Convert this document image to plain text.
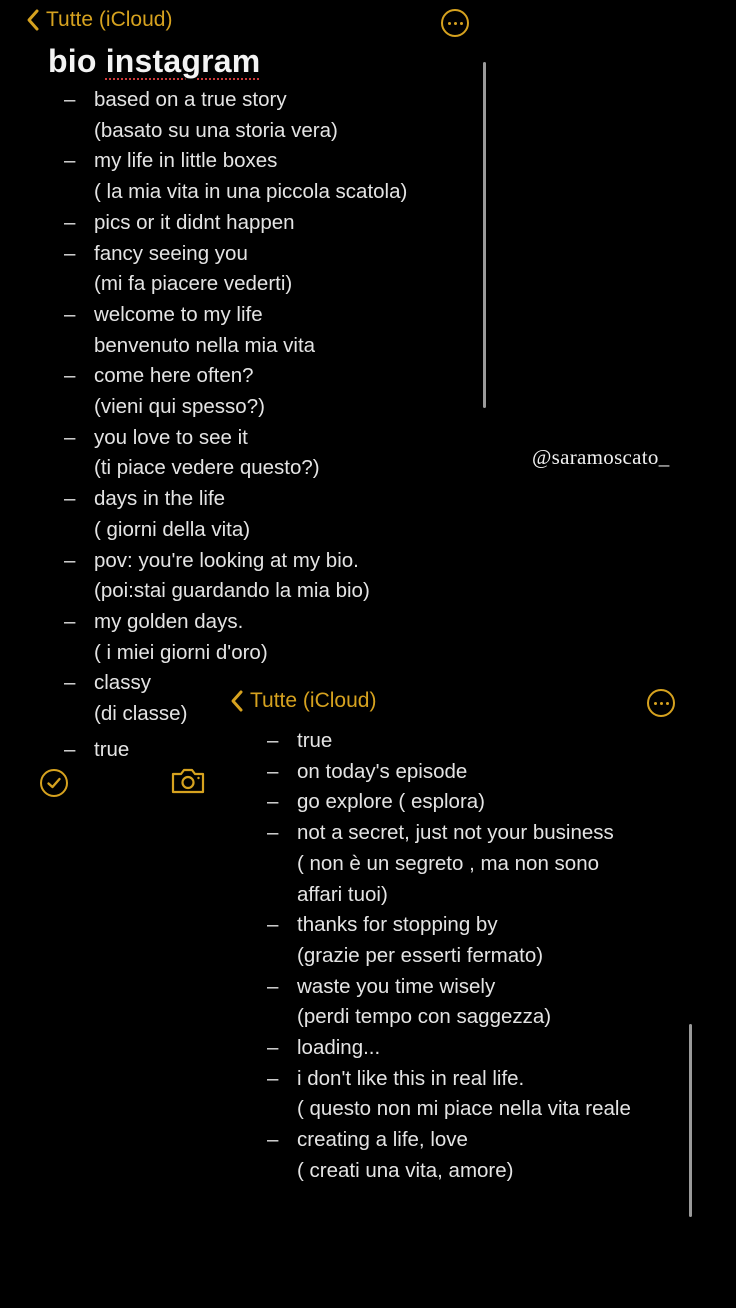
Tutte (iCloud)
bio instagram
– based on a true story
(basato su una storia vera)
– my life in little boxes
( la mia vita in una piccola scatola)
– pics or it didnt happen
– fancy seeing you
(mi fa piacere vederti)
– welcome to my life
benvenuto nella mia vita
– come here often?
(vieni qui spesso?)
– you love to see it
(ti piace vedere questo?)
– days in the life
( giorni della vita)
– pov: you're looking at my bio.
(poi:stai guardando la mia bio)
– my golden days.
( i miei giorni d'oro)
– classy
(di classe)
– true
@saramoscato_
Tutte (iCloud)
– true
– on today's episode
– go explore ( esplora)
– not a secret, just not your business
( non è un segreto , ma non sono
affari tuoi)
– thanks for stopping by
(grazie per esserti fermato)
– waste you time wisely
(perdi tempo con saggezza)
– loading...
– i don't like this in real life.
( questo non mi piace nella vita reale
– creating a life, love
( creati una vita, amore)
